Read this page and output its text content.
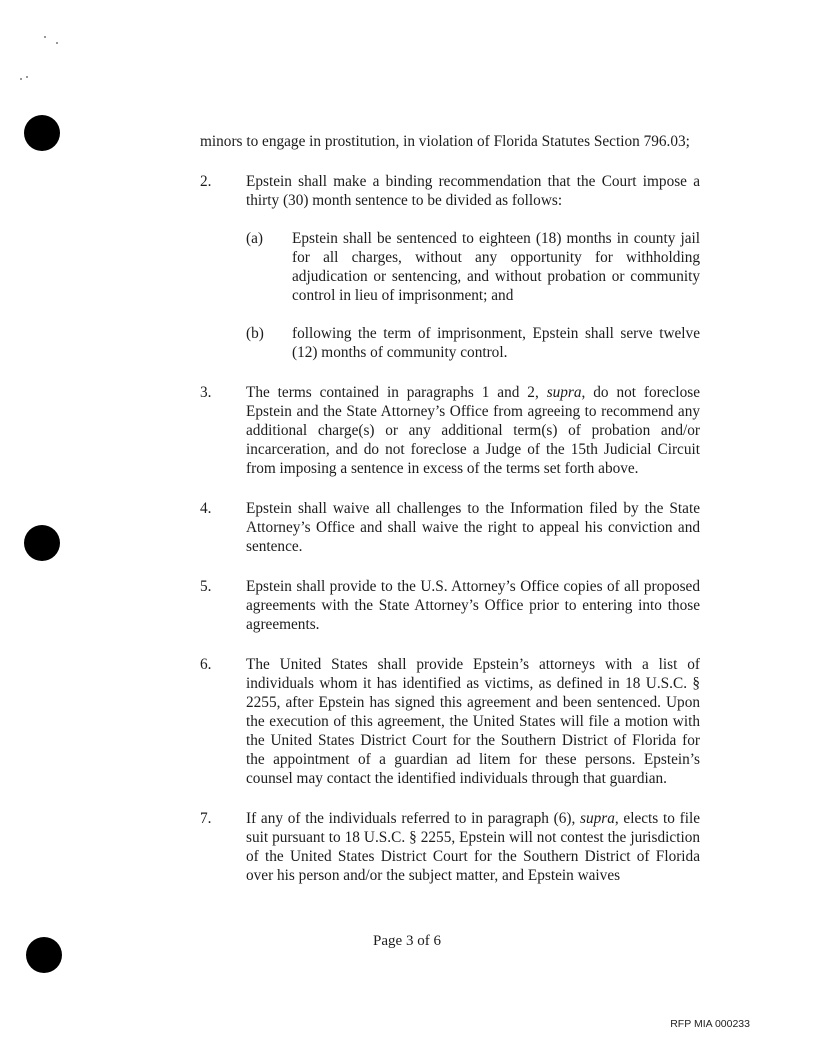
minors to engage in prostitution, in violation of Florida Statutes Section 796.03;

2. Epstein shall make a binding recommendation that the Court impose a thirty (30) month sentence to be divided as follows:
(a) Epstein shall be sentenced to eighteen (18) months in county jail for all charges, without any opportunity for withholding adjudication or sentencing, and without probation or community control in lieu of imprisonment; and
(b) following the term of imprisonment, Epstein shall serve twelve (12) months of community control.
3. The terms contained in paragraphs 1 and 2, supra, do not foreclose Epstein and the State Attorney’s Office from agreeing to recommend any additional charge(s) or any additional term(s) of probation and/or incarceration, and do not foreclose a Judge of the 15th Judicial Circuit from imposing a sentence in excess of the terms set forth above.
4. Epstein shall waive all challenges to the Information filed by the State Attorney’s Office and shall waive the right to appeal his conviction and sentence.
5. Epstein shall provide to the U.S. Attorney’s Office copies of all proposed agreements with the State Attorney’s Office prior to entering into those agreements.
6. The United States shall provide Epstein’s attorneys with a list of individuals whom it has identified as victims, as defined in 18 U.S.C. § 2255, after Epstein has signed this agreement and been sentenced. Upon the execution of this agreement, the United States will file a motion with the United States District Court for the Southern District of Florida for the appointment of a guardian ad litem for these persons. Epstein’s counsel may contact the identified individuals through that guardian.
7. If any of the individuals referred to in paragraph (6), supra, elects to file suit pursuant to 18 U.S.C. § 2255, Epstein will not contest the jurisdiction of the United States District Court for the Southern District of Florida over his person and/or the subject matter, and Epstein waives
Page 3 of 6
RFP MIA 000233
